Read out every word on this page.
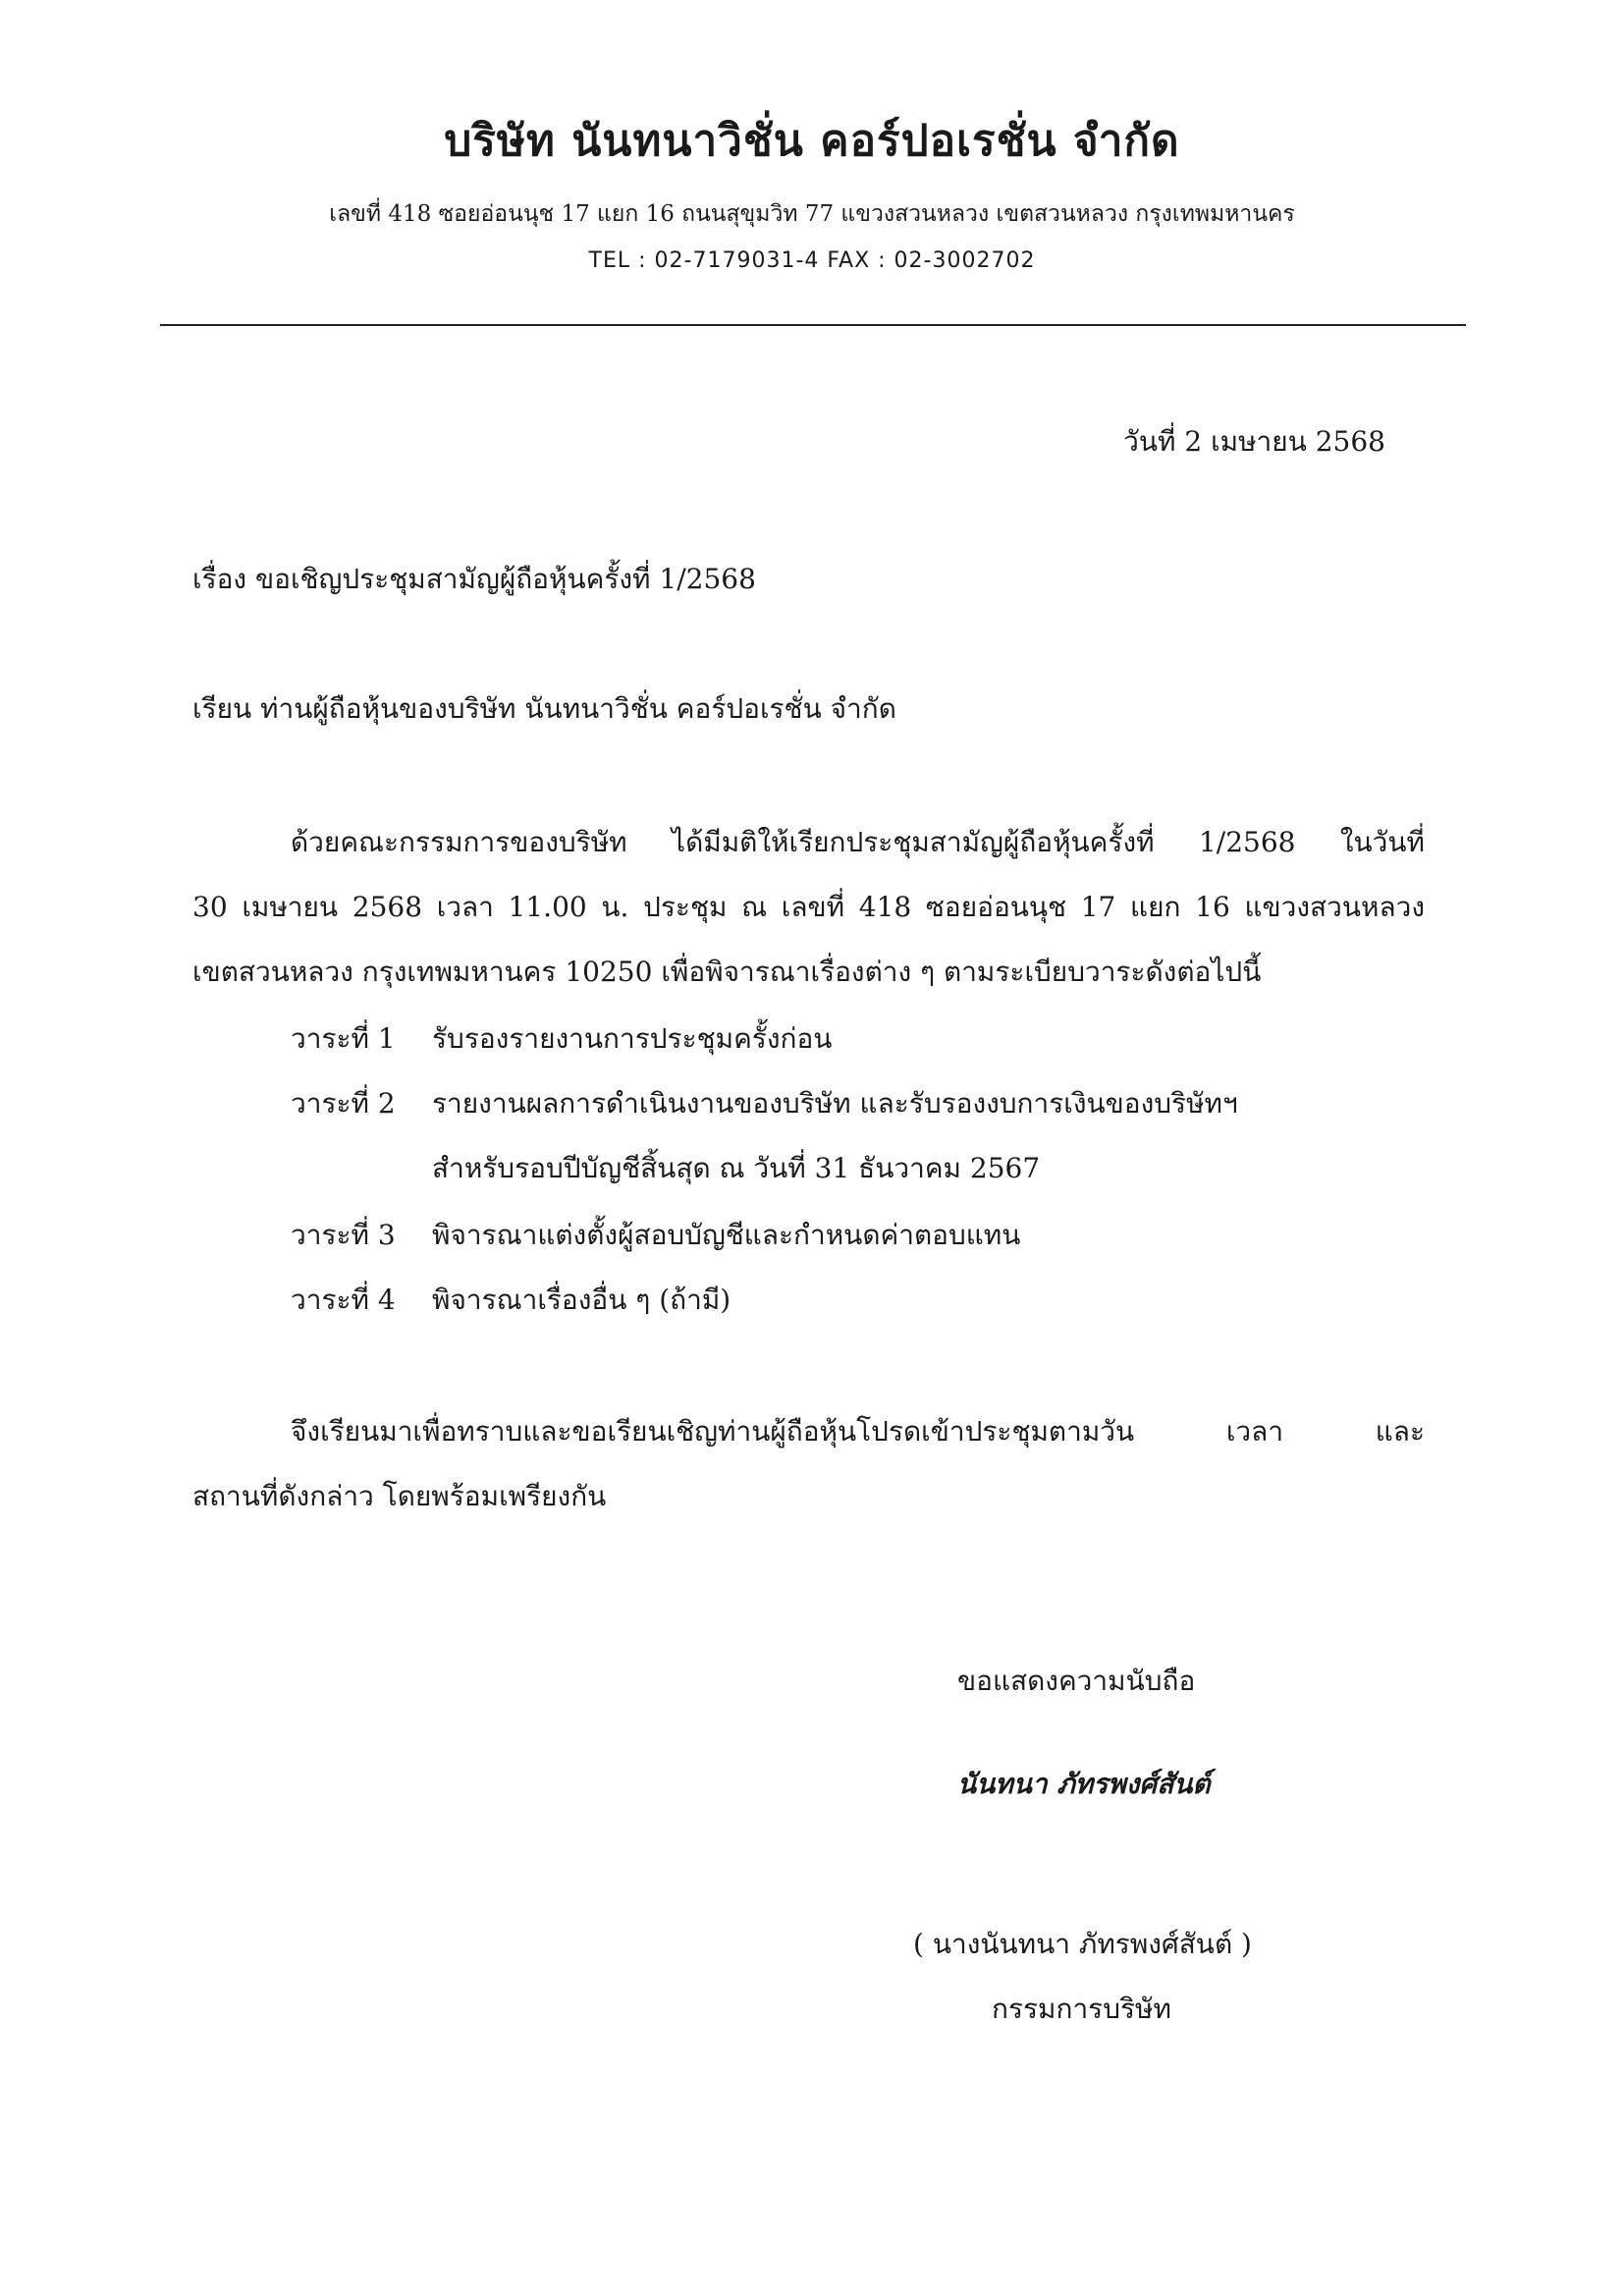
บริษัท นันทนาวิชั่น คอร์ปอเรชั่น จำกัด
เลขที่ 418 ซอยอ่อนนุช 17 แยก 16 ถนนสุขุมวิท 77 แขวงสวนหลวง เขตสวนหลวง กรุงเทพมหานคร
TEL : 02-7179031-4 FAX : 02-3002702
วันที่ 2 เมษายน 2568
เรื่อง ขอเชิญประชุมสามัญผู้ถือหุ้นครั้งที่ 1/2568
เรียน ท่านผู้ถือหุ้นของบริษัท นันทนาวิชั่น คอร์ปอเรชั่น จำกัด
ด้วยคณะกรรมการของบริษัท ได้มีมติให้เรียกประชุมสามัญผู้ถือหุ้นครั้งที่ 1/2568 ในวันที่
30 เมษายน 2568 เวลา 11.00 น. ประชุม ณ เลขที่ 418 ซอยอ่อนนุช 17 แยก 16 แขวงสวนหลวง
เขตสวนหลวง กรุงเทพมหานคร 10250 เพื่อพิจารณาเรื่องต่าง ๆ ตามระเบียบวาระดังต่อไปนี้
วาระที่ 1 รับรองรายงานการประชุมครั้งก่อน
วาระที่ 2 รายงานผลการดำเนินงานของบริษัท และรับรองงบการเงินของบริษัทฯ
สำหรับรอบปีบัญชีสิ้นสุด ณ วันที่ 31 ธันวาคม 2567
วาระที่ 3 พิจารณาแต่งตั้งผู้สอบบัญชีและกำหนดค่าตอบแทน
วาระที่ 4 พิจารณาเรื่องอื่น ๆ (ถ้ามี)
จึงเรียนมาเพื่อทราบและขอเรียนเชิญท่านผู้ถือหุ้นโปรดเข้าประชุมตามวัน เวลา และ
สถานที่ดังกล่าว โดยพร้อมเพรียงกัน
ขอแสดงความนับถือ
นันทนา ภัทรพงศ์สันต์
( นางนันทนา ภัทรพงศ์สันต์ )
กรรมการบริษัท
